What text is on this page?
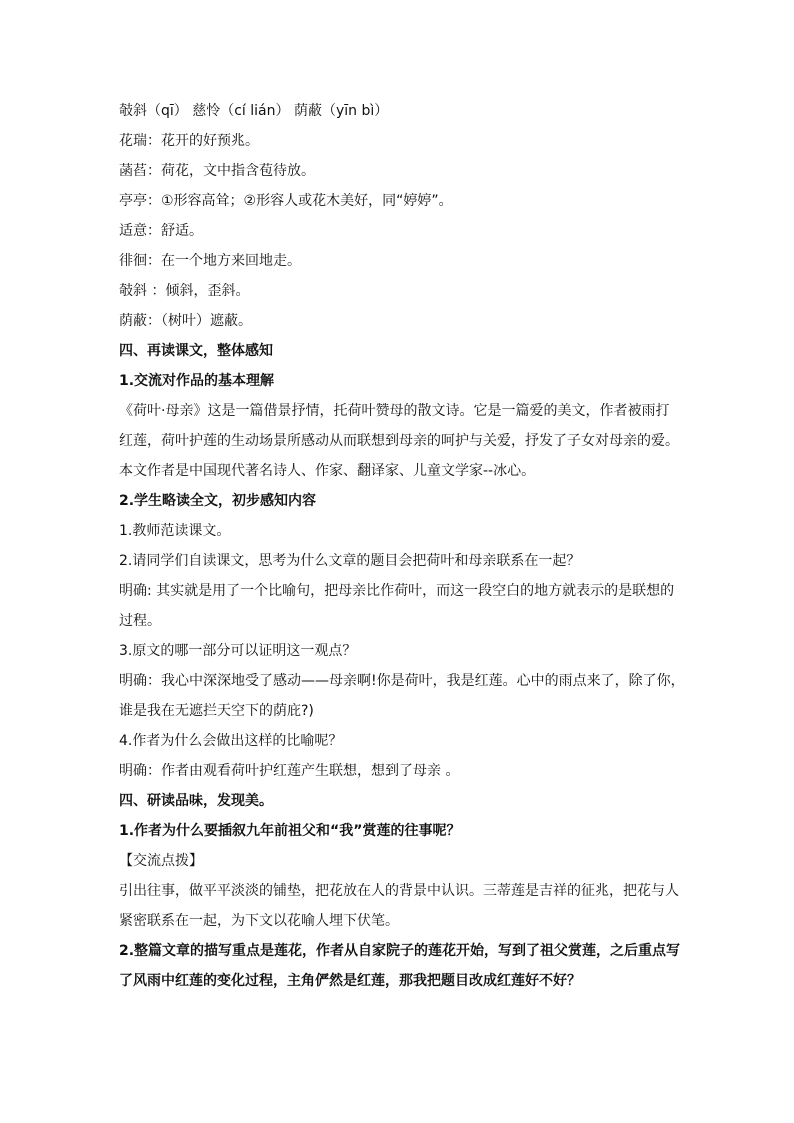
攲斜（qī） 慈怜（cí lián） 荫蔽（yīn bì）

花瑞：花开的好预兆。

菡萏：荷花，文中指含苞待放。

亭亭：①形容高耸；②形容人或花木美好，同“婷婷”。

适意：舒适。

徘徊：在一个地方来回地走。

攲斜 ：倾斜，歪斜。

荫蔽：（树叶）遮蔽。

四、再读课文，整体感知

1.交流对作品的基本理解

《荷叶·母亲》这是一篇借景抒情，托荷叶赞母的散文诗。它是一篇爱的美文，作者被雨打

红莲，荷叶护莲的生动场景所感动从而联想到母亲的呵护与关爱，抒发了子女对母亲的爱。

本文作者是中国现代著名诗人、作家、翻译家、儿童文学家--冰心。

2.学生略读全文，初步感知内容

1.教师范读课文。

2.请同学们自读课文，思考为什么文章的题目会把荷叶和母亲联系在一起？

明确: 其实就是用了一个比喻句，把母亲比作荷叶，而这一段空白的地方就表示的是联想的

过程。

3.原文的哪一部分可以证明这一观点？

明确：我心中深深地受了感动——母亲啊!你是荷叶，我是红莲。心中的雨点来了，除了你，

谁是我在无遮拦天空下的荫庇?)

4.作者为什么会做出这样的比喻呢？

明确：作者由观看荷叶护红莲产生联想，想到了母亲 。

四、研读品味，发现美。

1.作者为什么要插叙九年前祖父和“我”赏莲的往事呢？

【交流点拨】

引出往事，做平平淡淡的铺垫，把花放在人的背景中认识。三蒂莲是吉祥的征兆，把花与人

紧密联系在一起，为下文以花喻人埋下伏笔。

2.整篇文章的描写重点是莲花，作者从自家院子的莲花开始，写到了祖父赏莲，之后重点写

了风雨中红莲的变化过程，主角俨然是红莲，那我把题目改成红莲好不好？
